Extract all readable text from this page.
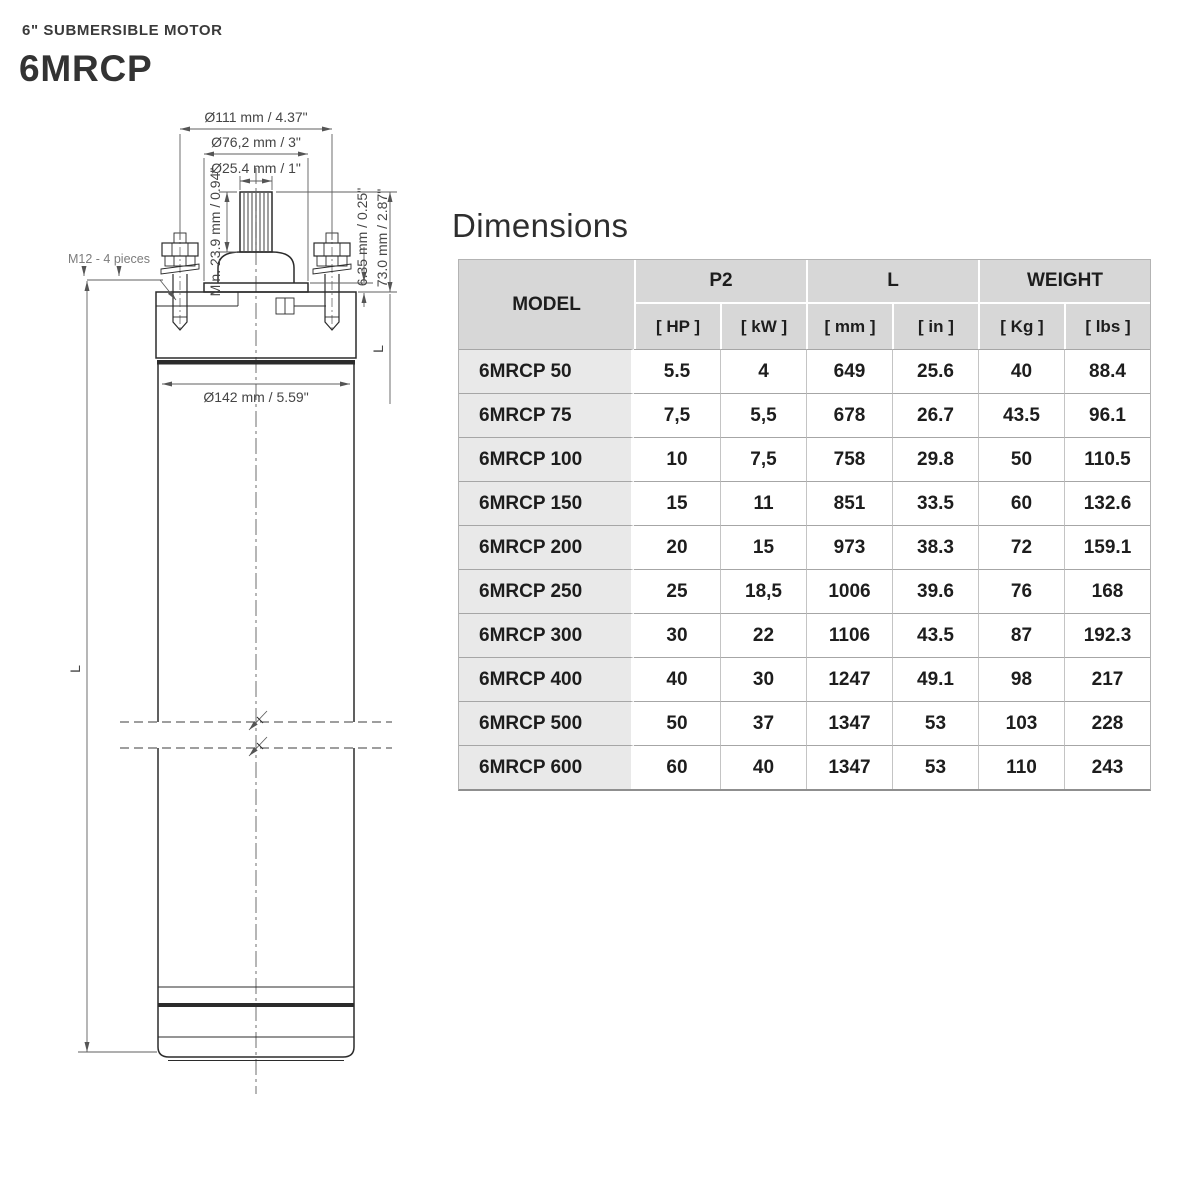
6" SUBMERSIBLE MOTOR
6MRCP
Ø111 mm / 4.37"
Ø76,2 mm / 3"
Ø25.4 mm / 1"
Min. 23.9 mm / 0.94"	6.35 mm / 0.25" 73.0 mm / 2.87"
L
Ø142 mm / 5.59"
L
M12 - 4 pieces
Dimensions
MODEL	P2		L		WEIGHT	
	[ HP ]	[ kW ]	[ mm ]	[ in ]	[ Kg ]	[ lbs ]
6MRCP 50	5.5	4	649	25.6	40	88.4
6MRCP 75	7,5	5,5	678	26.7	43.5	96.1
6MRCP 100	10	7,5	758	29.8	50	110.5
6MRCP 150	15	11	851	33.5	60	132.6
6MRCP 200	20	15	973	38.3	72	159.1
6MRCP 250	25	18,5	1006	39.6	76	168
6MRCP 300	30	22	1106	43.5	87	192.3
6MRCP 400	40	30	1247	49.1	98	217
6MRCP 500	50	37	1347	53	103	228
6MRCP 600	60	40	1347	53	110	243
